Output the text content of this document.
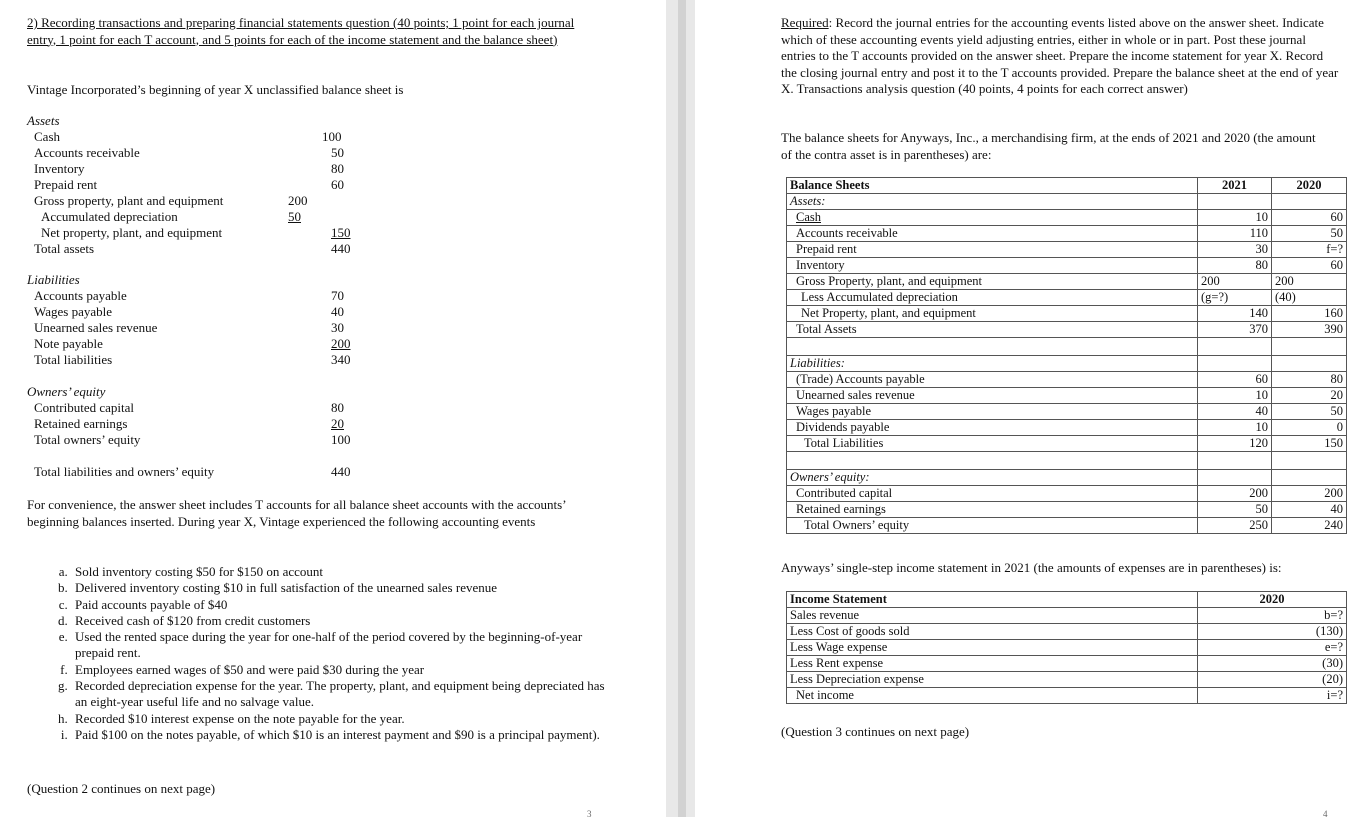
2) Recording transactions and preparing financial statements question (40 points; 1 point for each journal entry, 1 point for each T account, and 5 points for each of the income statement and the balance sheet)
Vintage Incorporated’s beginning of year X unclassified balance sheet is
Assets
Cash	100
Accounts receivable	50
Inventory	80
Prepaid rent	60
Gross property, plant and equipment	200
Accumulated depreciation	50
Net property, plant, and equipment	150
Total assets	440
Liabilities
Accounts payable	70
Wages payable	40
Unearned sales revenue	30
Note payable	200
Total liabilities	340
Owners’ equity
Contributed capital	80
Retained earnings	20
Total owners’ equity	100
Total liabilities and owners’ equity	440
For convenience, the answer sheet includes T accounts for all balance sheet accounts with the accounts’ beginning balances inserted. During year X, Vintage experienced the following accounting events
a. Sold inventory costing $50 for $150 on account
b. Delivered inventory costing $10 in full satisfaction of the unearned sales revenue
c. Paid accounts payable of $40
d. Received cash of $120 from credit customers
e. Used the rented space during the year for one-half of the period covered by the beginning-of-year prepaid rent.
f. Employees earned wages of $50 and were paid $30 during the year
g. Recorded depreciation expense for the year. The property, plant, and equipment being depreciated has an eight-year useful life and no salvage value.
h. Recorded $10 interest expense on the note payable for the year.
i. Paid $100 on the notes payable, of which $10 is an interest payment and $90 is a principal payment).
(Question 2 continues on next page)
3
Required: Record the journal entries for the accounting events listed above on the answer sheet. Indicate which of these accounting events yield adjusting entries, either in whole or in part. Post these journal entries to the T accounts provided on the answer sheet. Prepare the income statement for year X. Record the closing journal entry and post it to the T accounts provided. Prepare the balance sheet at the end of year X. Transactions analysis question (40 points, 4 points for each correct answer)
The balance sheets for Anyways, Inc., a merchandising firm, at the ends of 2021 and 2020 (the amount of the contra asset is in parentheses) are:
Balance Sheets	2021	2020
Assets:		
Cash	10	60
Accounts receivable	110	50
Prepaid rent	30	f=?
Inventory	80	60
Gross Property, plant, and equipment	200	200
Less Accumulated depreciation	(g=?)	(40)
Net Property, plant, and equipment	140	160
Total Assets	370	390

Liabilities:		
(Trade) Accounts payable	60	80
Unearned sales revenue	10	20
Wages payable	40	50
Dividends payable	10	0
Total Liabilities	120	150

Owners’ equity:		
Contributed capital	200	200
Retained earnings	50	40
Total Owners’ equity	250	240
Anyways’ single-step income statement in 2021 (the amounts of expenses are in parentheses) is:
Income Statement	2020
Sales revenue	b=?
Less Cost of goods sold	(130)
Less Wage expense	e=?
Less Rent expense	(30)
Less Depreciation expense	(20)
Net income	i=?
(Question 3 continues on next page)
4
